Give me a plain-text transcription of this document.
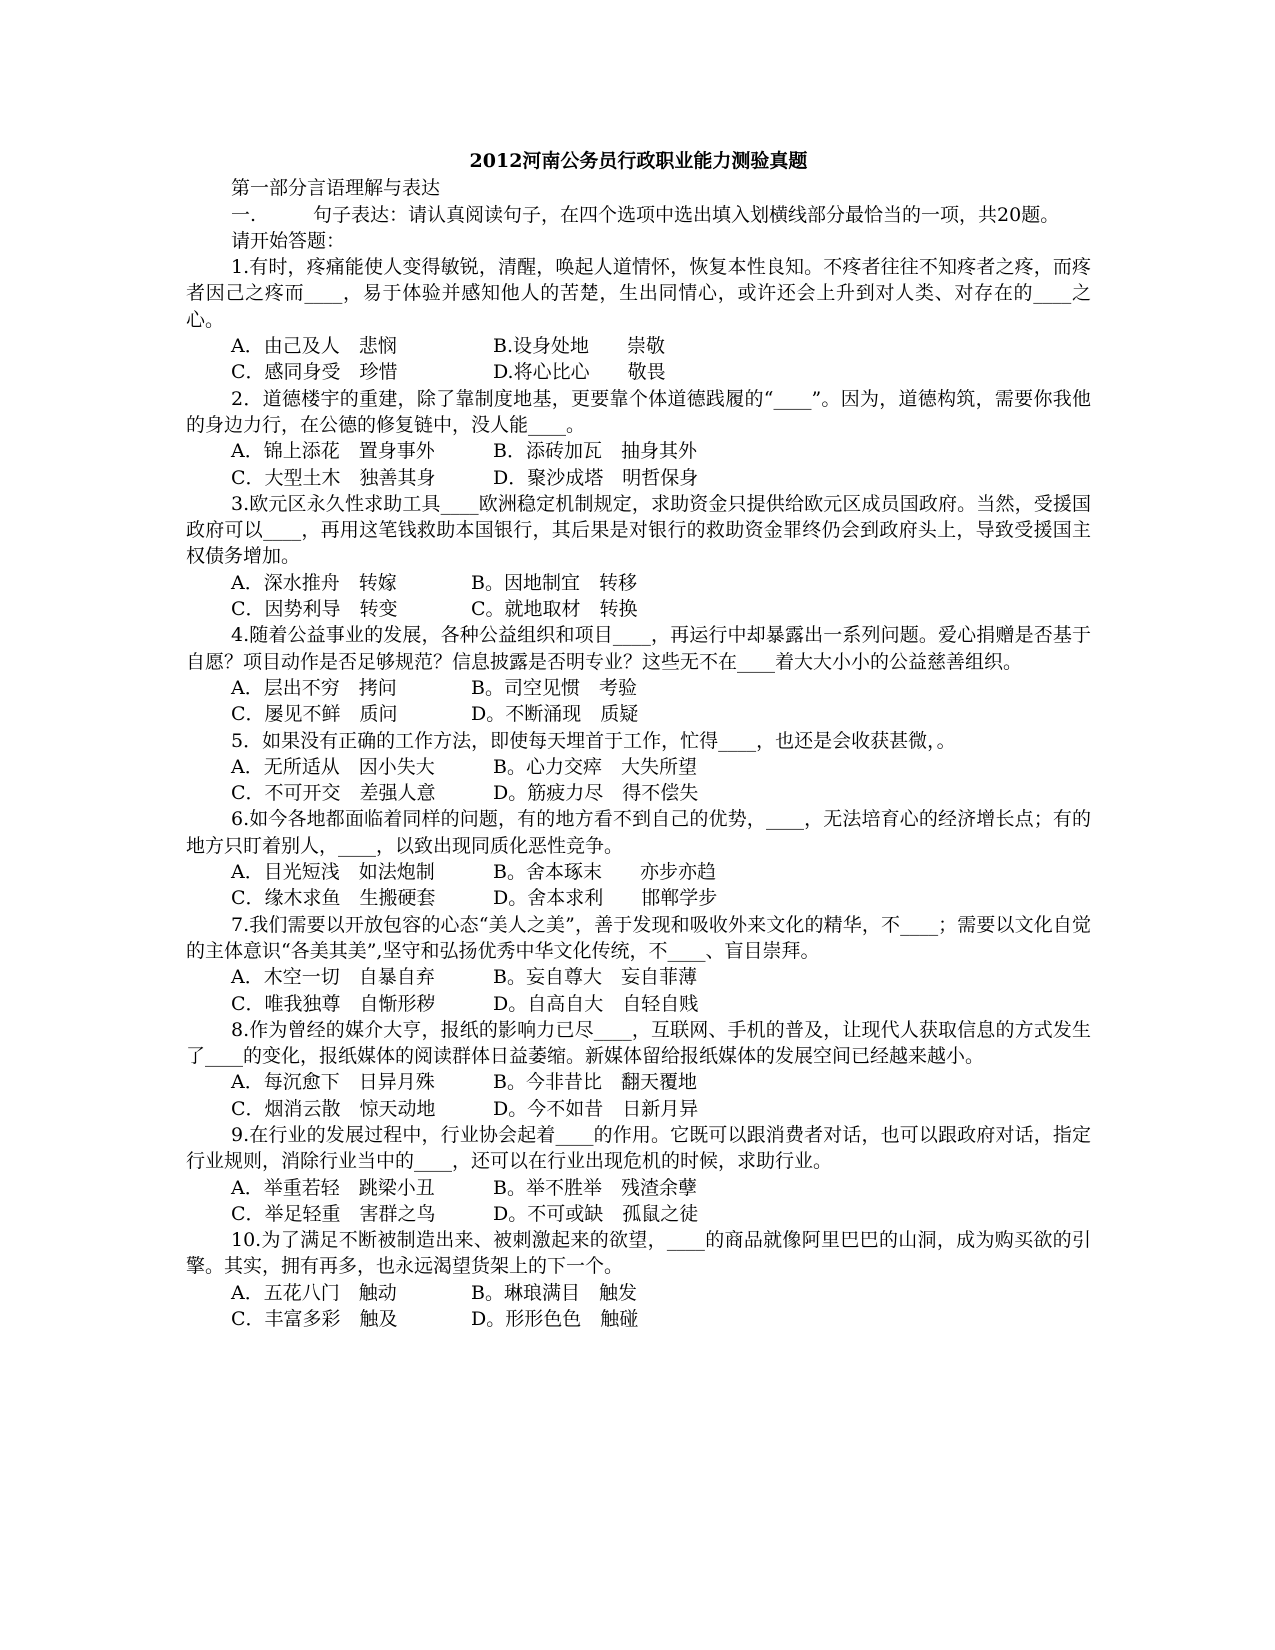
2012河南公务员行政职业能力测验真题

第一部分言语理解与表达

一.　　　句子表达：请认真阅读句子，在四个选项中选出填入划横线部分最恰当的一项，共20题。

请开始答题：

1.有时，疼痛能使人变得敏锐，清醒，唤起人道情怀，恢复本性良知。不疼者往往不知疼者之疼，而疼者因己之疼而____，易于体验并感知他人的苦楚，生出同情心，或许还会上升到对人类、对存在的____之心。

A．由己及人　悲悯	B.设身处地　　崇敬
C．感同身受　珍惜	D.将心比心　　敬畏

2．道德楼宇的重建，除了靠制度地基，更要靠个体道德践履的“____”。因为，道德构筑，需要你我他的身边力行，在公德的修复链中，没人能____。

A．锦上添花　置身事外	B．添砖加瓦　抽身其外
C．大型土木　独善其身	D．聚沙成塔　明哲保身

3.欧元区永久性求助工具____欧洲稳定机制规定，求助资金只提供给欧元区成员国政府。当然，受援国政府可以____，再用这笔钱救助本国银行，其后果是对银行的救助资金罪终仍会到政府头上，导致受援国主权债务增加。

A．深水推舟　转嫁	B。因地制宜　转移
C．因势利导　转变	C。就地取材　转换

4.随着公益事业的发展，各种公益组织和项目____，再运行中却暴露出一系列问题。爱心捐赠是否基于自愿？项目动作是否足够规范？信息披露是否明专业？这些无不在____着大大小小的公益慈善组织。

A．层出不穷　拷问	B。司空见惯　考验
C．屡见不鲜　质问	D。不断涌现　质疑

5．如果没有正确的工作方法，即使每天埋首于工作，忙得____，也还是会收获甚微，。

A．无所适从　因小失大	B。心力交瘁　大失所望
C．不可开交　差强人意	D。筋疲力尽　得不偿失

6.如今各地都面临着同样的问题，有的地方看不到自己的优势，____，无法培育心的经济增长点；有的地方只盯着别人，____，以致出现同质化恶性竞争。

A．目光短浅　如法炮制	B。舍本琢末　　亦步亦趋
C．缘木求鱼　生搬硬套	D。舍本求利　　邯郸学步

7.我们需要以开放包容的心态“美人之美”，善于发现和吸收外来文化的精华，不____；需要以文化自觉的主体意识“各美其美”,坚守和弘扬优秀中华文化传统，不____、盲目崇拜。

A．木空一切　自暴自弃	B。妄自尊大　妄自菲薄
C．唯我独尊　自惭形秽	D。自高自大　自轻自贱

8.作为曾经的媒介大亨，报纸的影响力已尽____，互联网、手机的普及，让现代人获取信息的方式发生了____的变化，报纸媒体的阅读群体日益萎缩。新媒体留给报纸媒体的发展空间已经越来越小。

A．每沉愈下　日异月殊	B。今非昔比　翻天覆地
C．烟消云散　惊天动地	D。今不如昔　日新月异

9.在行业的发展过程中，行业协会起着____的作用。它既可以跟消费者对话，也可以跟政府对话，指定行业规则，消除行业当中的____，还可以在行业出现危机的时候，求助行业。

A．举重若轻　跳梁小丑	B。举不胜举　残渣余孽
C．举足轻重　害群之鸟	D。不可或缺　孤鼠之徒

10.为了满足不断被制造出来、被刺激起来的欲望，____的商品就像阿里巴巴的山洞，成为购买欲的引擎。其实，拥有再多，也永远渴望货架上的下一个。

A．五花八门　触动	B。琳琅满目　触发
C．丰富多彩　触及	D。形形色色　触碰
